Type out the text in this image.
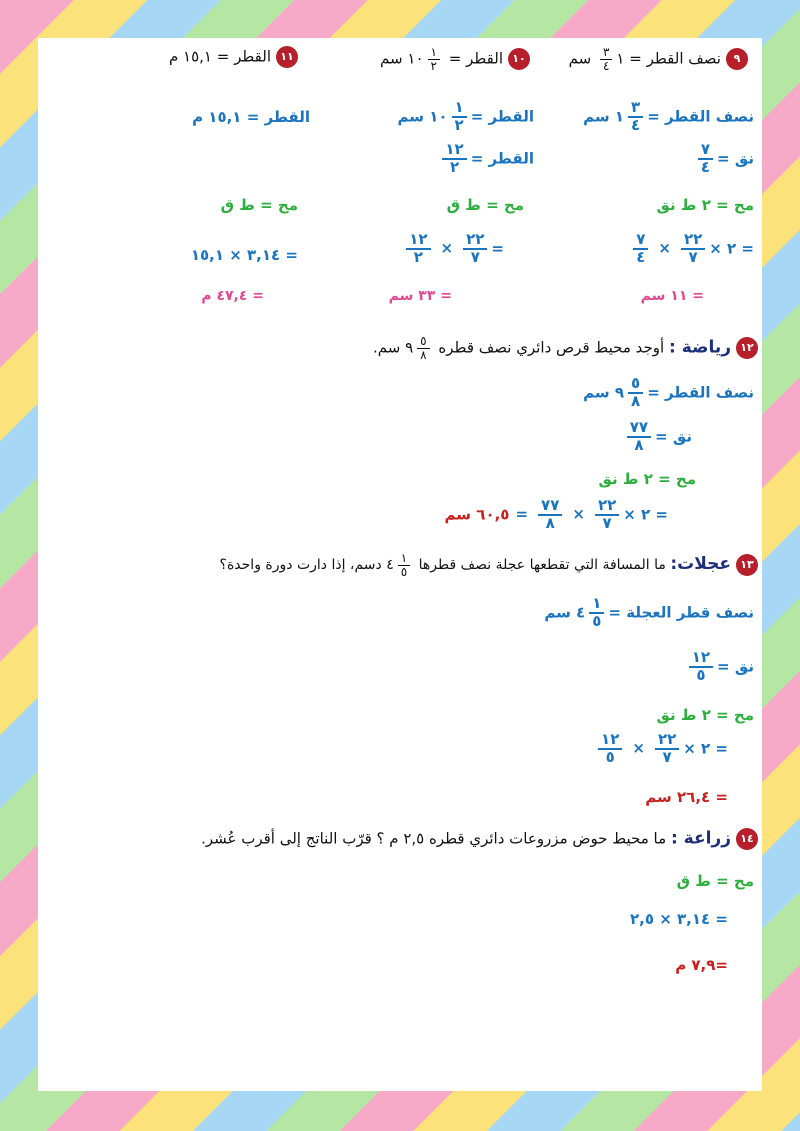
٩نصف القطر = ١
$\frac{٣}{٤}$
سم
١٠القطر =
$\frac{١}{٢}$
١٠ سم
١١القطر = ١٥,١ م
نصف القطر =
$\frac{٣}{٤}$
١ سم
نق =
$\frac{٧}{٤}$
مح = ٢ ط نق
= ٢ ×
$\frac{٢٢}{٧}$
×
$\frac{٧}{٤}$
= ١١ سم
القطر =
$\frac{١}{٢}$
١٠ سم
القطر =
$\frac{١٢}{٢}$
مح = ط ق
=
$\frac{٢٢}{٧}$
×
$\frac{١٢}{٢}$
= ٣٣ سم
القطر = ١٥,١ م
مح = ط ق
= ٣,١٤ × ١٥,١
= ٤٧,٤ م
١٢رياضة : أوجد محيط قرص دائري نصف قطره
$\frac{٥}{٨}$
٩ سم.
نصف القطر =
$\frac{٥}{٨}$
٩ سم
نق =
$\frac{٧٧}{٨}$
مح = ٢ ط نق
= ٢ ×
$\frac{٢٢}{٧}$
×
$\frac{٧٧}{٨}$
=٦٠,٥ سم
١٣عجلات: ما المسافة التي تقطعها عجلة نصف قطرها
$\frac{١}{٥}$
٤ دسم، إذا دارت دورة واحدة؟
نصف قطر العجلة =
$\frac{١}{٥}$
٤ سم
نق =
$\frac{١٢}{٥}$
مح = ٢ ط نق
= ٢ ×
$\frac{٢٢}{٧}$
×
$\frac{١٢}{٥}$
= ٢٦,٤ سم
١٤زراعة : ما محيط حوض مزروعات دائري قطره ٢,٥ م ؟ قرّب الناتج إلى أقرب عُشر.
مح = ط ق
= ٣,١٤ × ٢,٥
=٧,٩ م
